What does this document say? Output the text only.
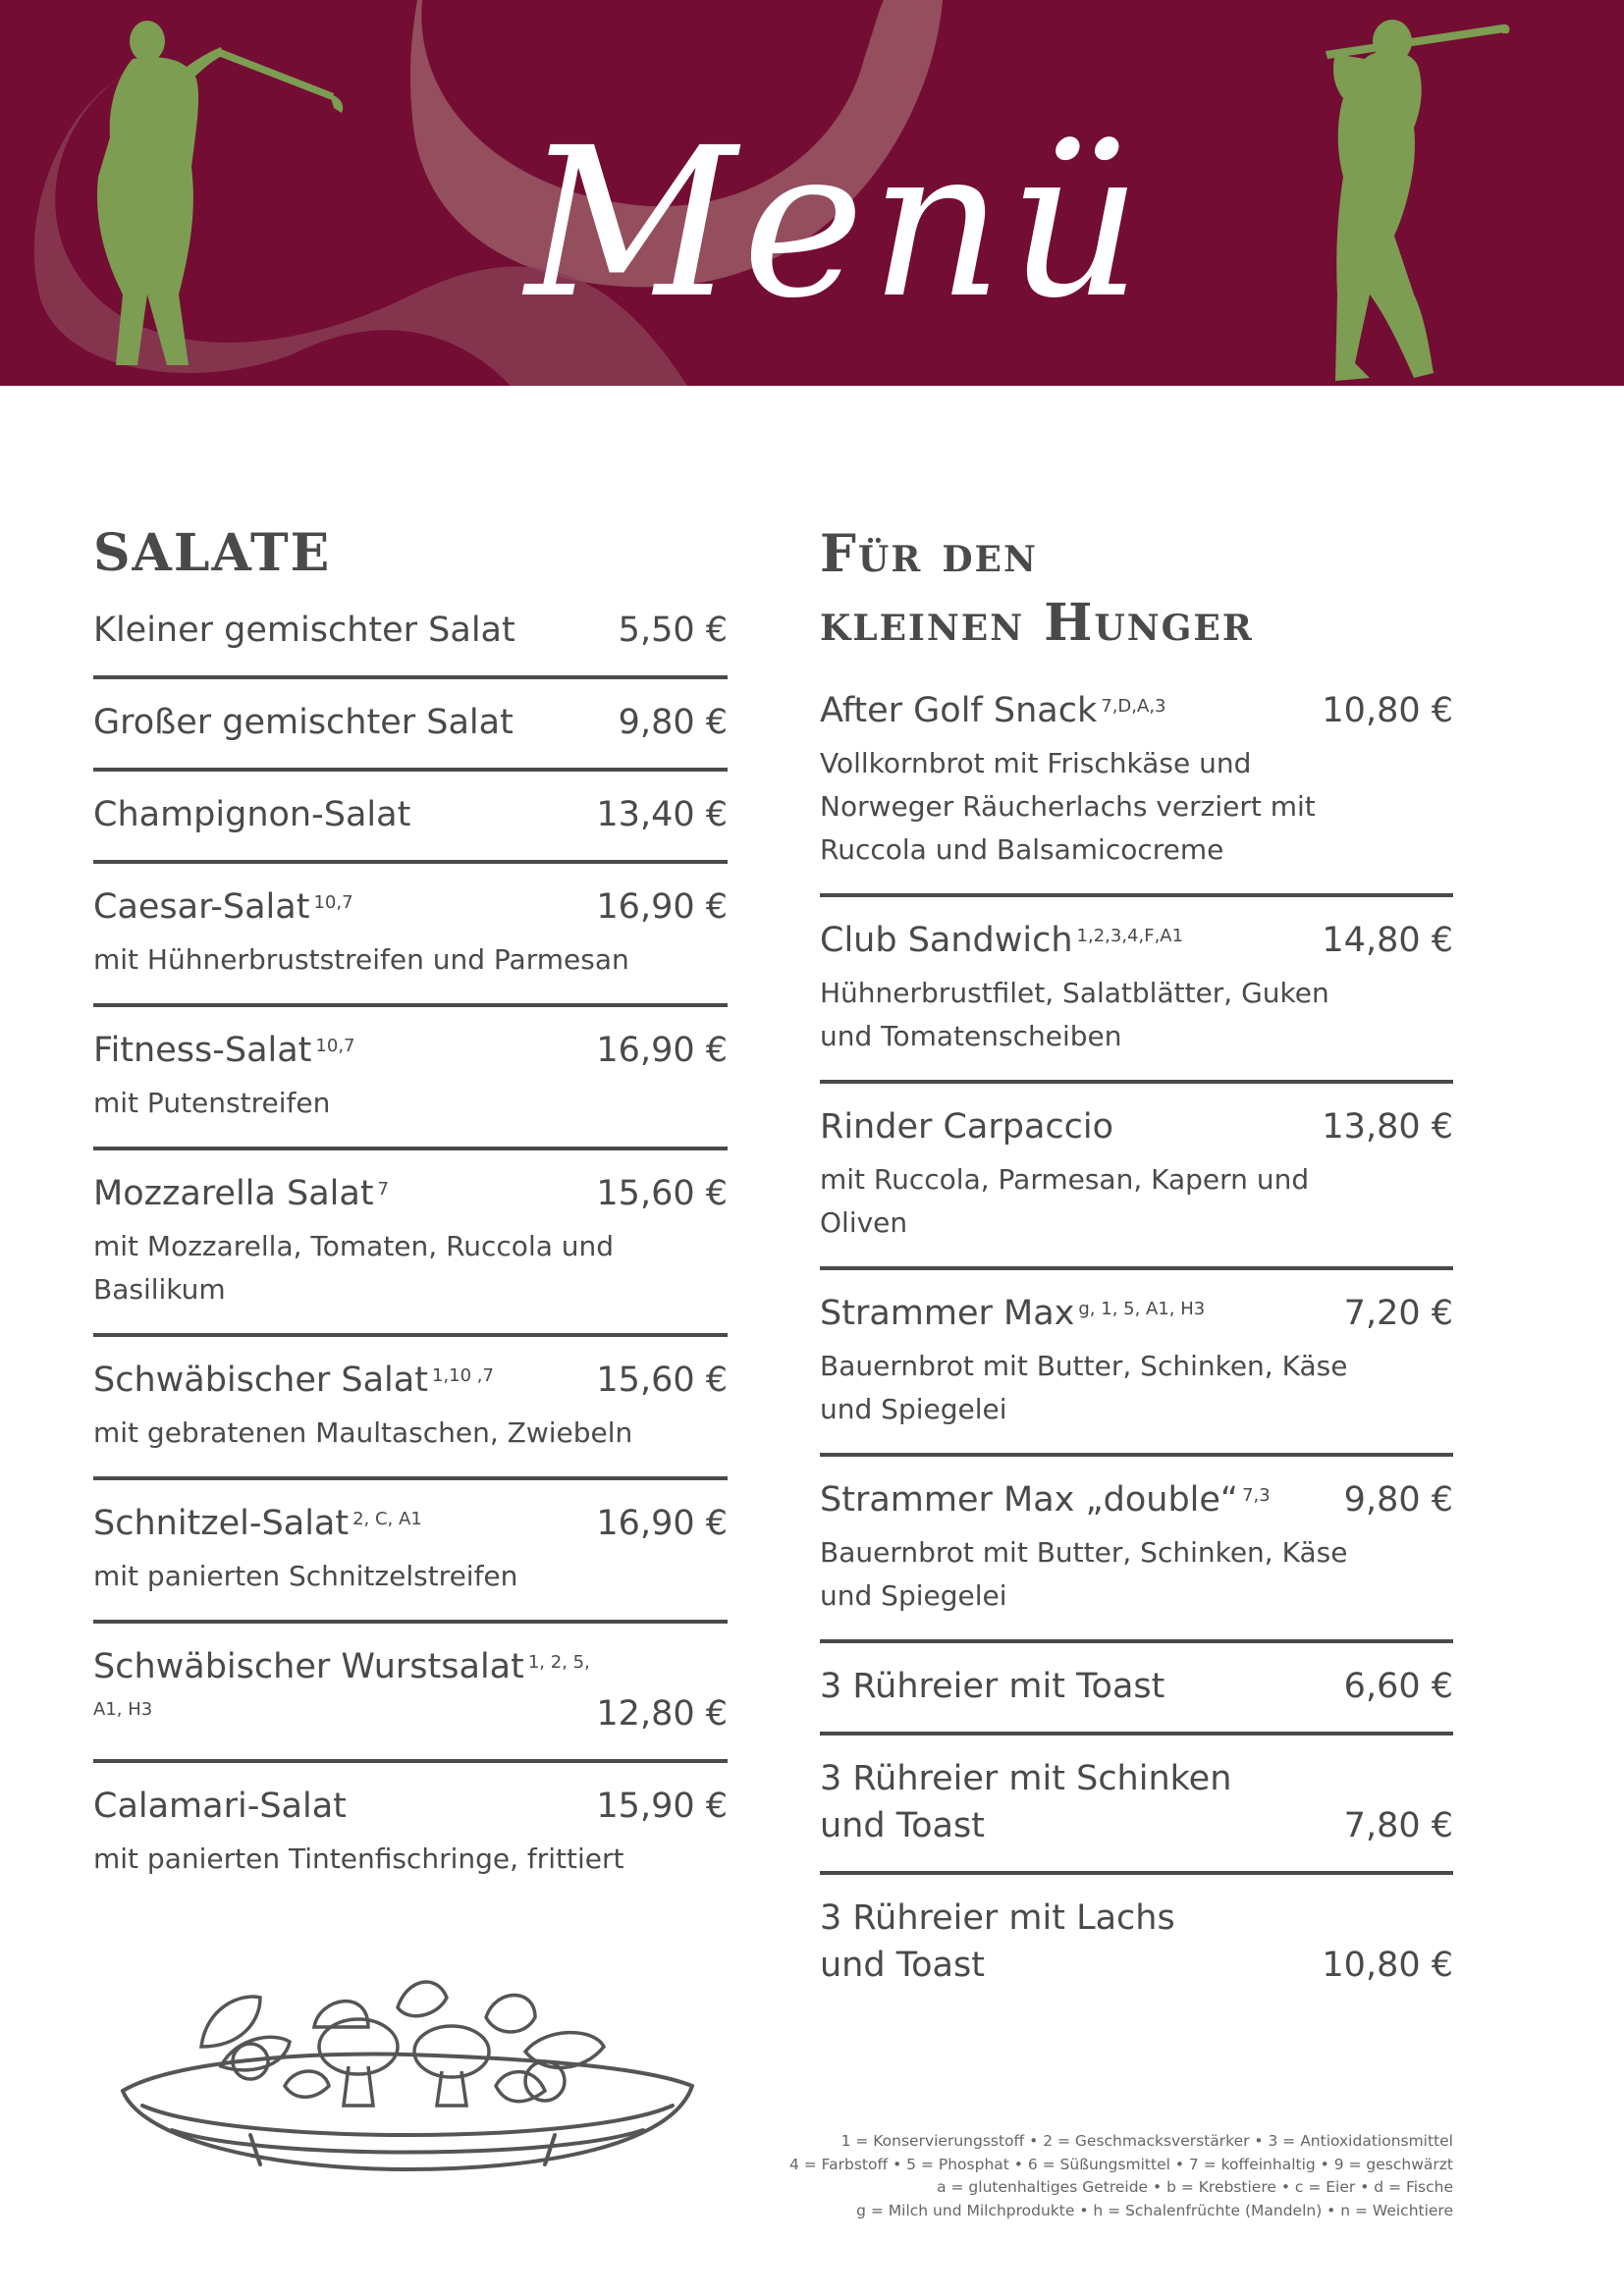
Menü
SALATE
Kleiner gemischter Salat	5,50 €
Großer gemischter Salat	9,80 €
Champignon-Salat	13,40 €
Caesar-Salat $^{10,7}$	16,90 €
mit Hühnerbruststreifen und Parmesan
Fitness-Salat $^{10,7}$	16,90 €
mit Putenstreifen
Mozzarella Salat $^7$	15,60 €
mit Mozzarella, Tomaten, Ruccola und Basilikum
Schwäbischer Salat $^{1,10 ,7}$	15,60 €
mit gebratenen Maultaschen, Zwiebeln
Schnitzel-Salat $^{2, C, A1}$	16,90 €
mit panierten Schnitzelstreifen
Schwäbischer Wurstsalat $^{1, 2, 5, A1, H3}$	12,80 €
Calamari-Salat	15,90 €
mit panierten Tintenfischringe, frittiert
Für den
kleinen Hunger
After Golf Snack $^{7,D,A,3}$	10,80 €
Vollkornbrot mit Frischkäse und Norweger Räucherlachs verziert mit Ruccola und Balsamicocreme
Club Sandwich $^{1,2,3,4,F,A1}$	14,80 €
Hühnerbrustfilet, Salatblätter, Guken und Tomatenscheiben
Rinder Carpaccio	13,80 €
mit Ruccola, Parmesan, Kapern und Oliven
Strammer Max $^{g, 1, 5, A1, H3}$	7,20 €
Bauernbrot mit Butter, Schinken, Käse und Spiegelei
Strammer Max „double“ $^{7,3}$ 9,80 €
Bauernbrot mit Butter, Schinken, Käse und Spiegelei
3 Rühreier mit Toast	6,60 €
3 Rühreier mit Schinken und Toast	7,80 €
3 Rühreier mit Lachs und Toast	10,80 €
1 = Konservierungsstoff • 2 = Geschmacksverstärker • 3 = Antioxidationsmittel
4 = Farbstoff • 5 = Phosphat • 6 = Süßungsmittel • 7 = koffeinhaltig • 9 = geschwärzt
a = glutenhaltiges Getreide • b = Krebstiere • c = Eier • d = Fische
g = Milch und Milchprodukte • h = Schalenfrüchte (Mandeln) • n = Weichtiere
